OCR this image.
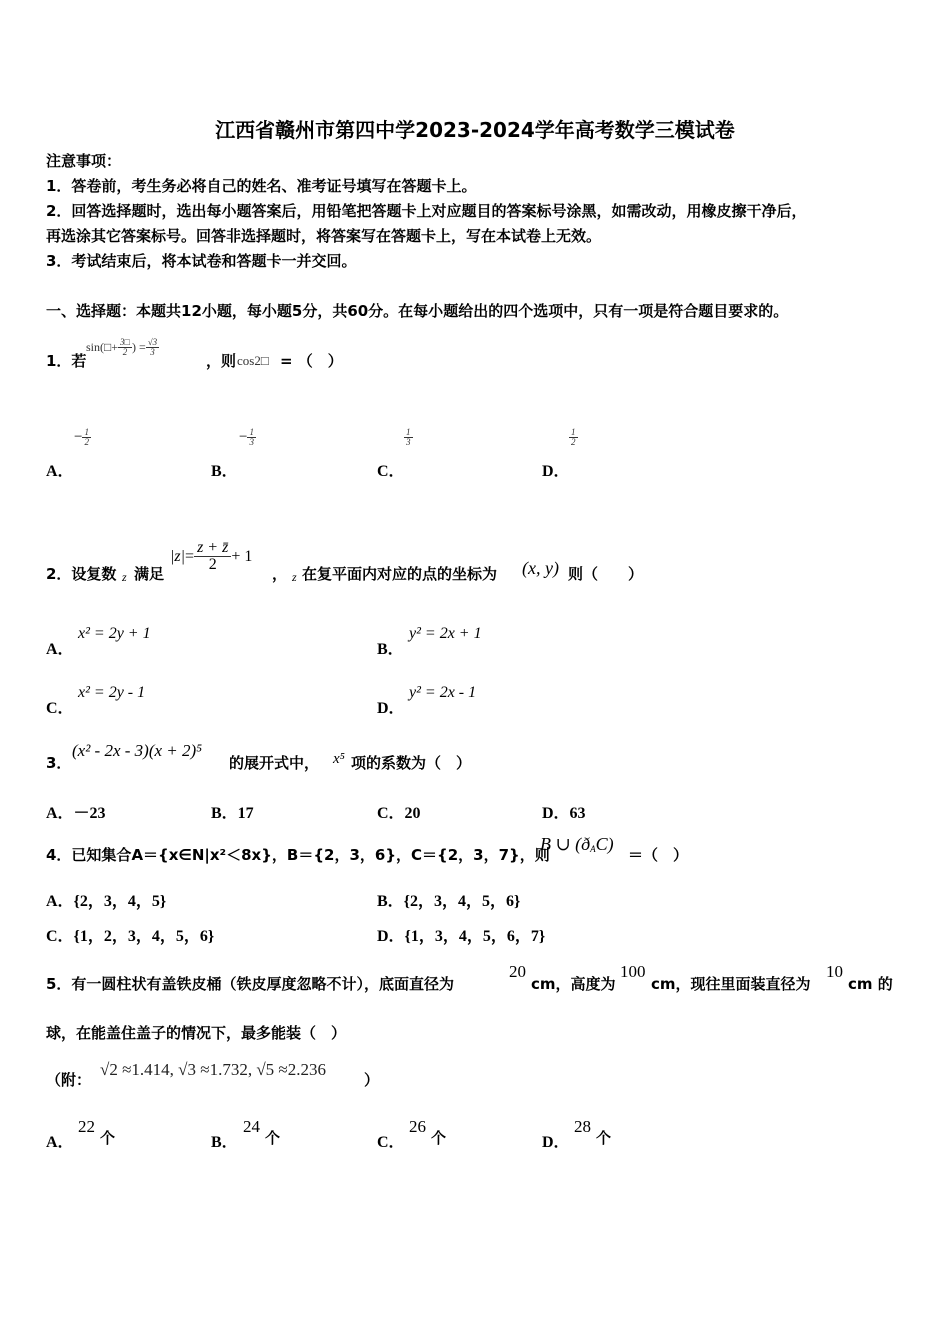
江西省赣州市第四中学2023-2024学年高考数学三模试卷
注意事项：
1．答卷前，考生务必将自己的姓名、准考证号填写在答题卡上。
2．回答选择题时，选出每小题答案后，用铅笔把答题卡上对应题目的答案标号涂黑，如需改动，用橡皮擦干净后，
再选涂其它答案标号。回答非选择题时，将答案写在答题卡上，写在本试卷上无效。
3．考试结束后，将本试卷和答题卡一并交回。
一、选择题：本题共12小题，每小题5分，共60分。在每小题给出的四个选项中，只有一项是符合题目要求的。
1．若
sin( □ + $\frac{3□}{2}$ ) = $\frac{√3}{3}$
，则 cos2□ = （　）
A．
− $\frac{1}{2}$
B．
− $\frac{1}{3}$
C．
$\frac{1}{3}$
D．
$\frac{1}{2}$
2．设复数 z 满足
$|z| = \frac{z + z̄}{2} + 1$
， z 在复平面内对应的点的坐标为 (x, y) 则（　　）
A．
x² = 2y + 1
B．
y² = 2x + 1
C．
x² = 2y - 1
D．
y² = 2x - 1
3．
(x² - 2x - 3)(x + 2)⁵
的展开式中， x⁵ 项的系数为（　）
A．－23	B．17	C．20	D．63
4．已知集合A＝{x∈N|x²＜8x}，B＝{2，3，6}，C＝{2，3，7}，则
B ∪ (ð A C)
＝（　）
A．{2，3，4，5}	B．{2，3，4，5，6}
C．{1，2，3，4，5，6}	D．{1，3，4，5，6，7}
5．有一圆柱状有盖铁皮桶（铁皮厚度忽略不计），底面直径为
20
cm，高度为
100
cm，现往里面装直径为
10
cm 的
球，在能盖住盖子的情况下，最多能装（　）
（附：
√2 ≈1.414, √3 ≈1.732, √5 ≈2.236
）
A．
22
个	B．
24
个	C．
26
个	D．
28
个
